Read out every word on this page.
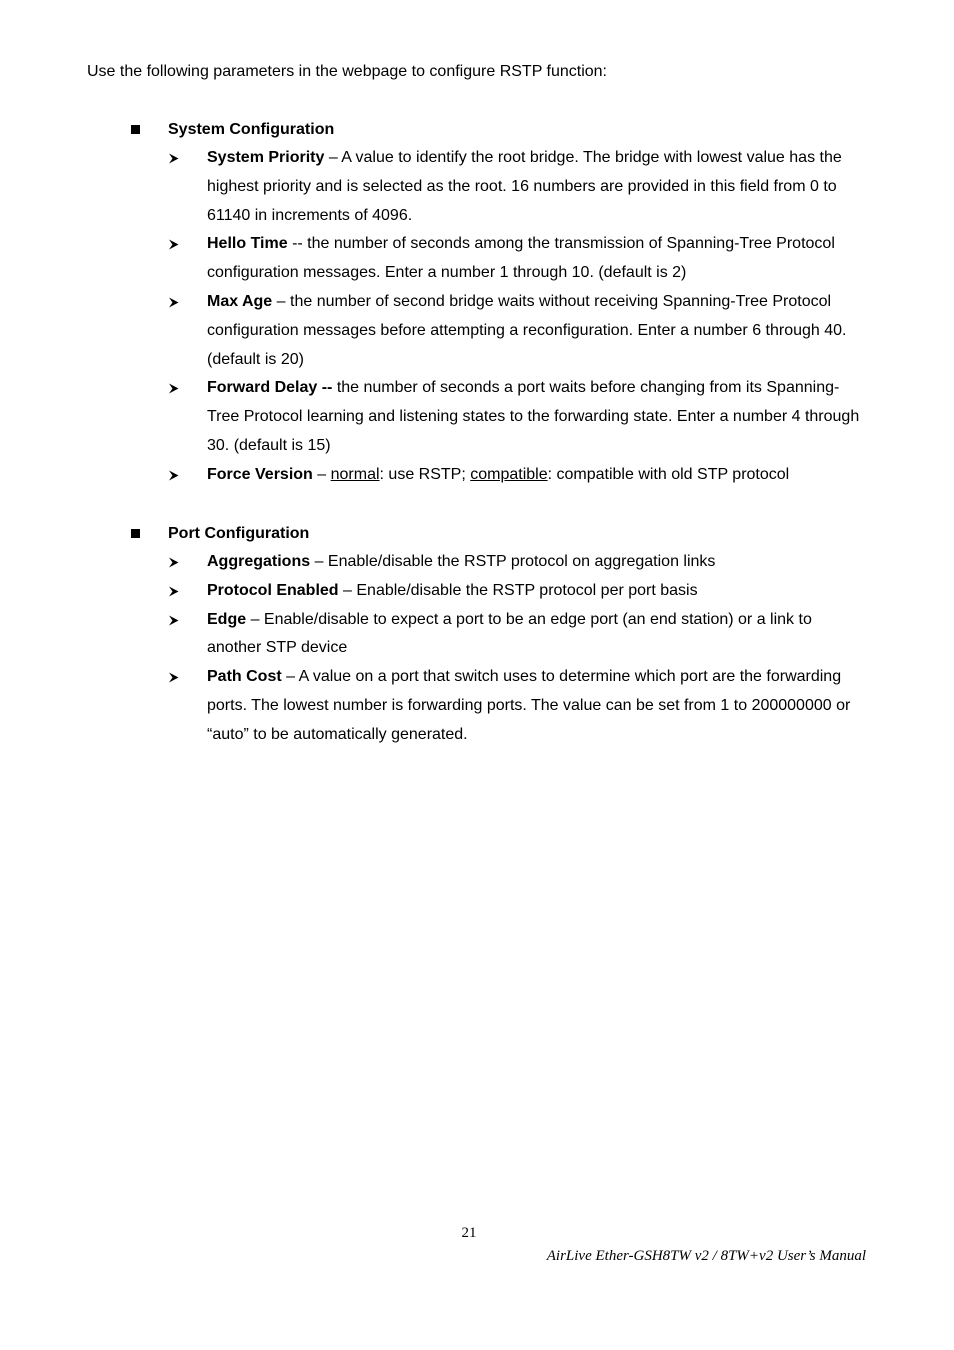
Use the following parameters in the webpage to configure RSTP function:
System Configuration
System Priority – A value to identify the root bridge. The bridge with lowest value has the highest priority and is selected as the root. 16 numbers are provided in this field from 0 to 61140 in increments of 4096.
Hello Time -- the number of seconds among the transmission of Spanning-Tree Protocol configuration messages. Enter a number 1 through 10. (default is 2)
Max Age – the number of second bridge waits without receiving Spanning-Tree Protocol configuration messages before attempting a reconfiguration. Enter a number 6 through 40. (default is 20)
Forward Delay -- the number of seconds a port waits before changing from its Spanning-Tree Protocol learning and listening states to the forwarding state. Enter a number 4 through 30. (default is 15)
Force Version – normal: use RSTP; compatible: compatible with old STP protocol
Port Configuration
Aggregations – Enable/disable the RSTP protocol on aggregation links
Protocol Enabled – Enable/disable the RSTP protocol per port basis
Edge – Enable/disable to expect a port to be an edge port (an end station) or a link to another STP device
Path Cost – A value on a port that switch uses to determine which port are the forwarding ports. The lowest number is forwarding ports. The value can be set from 1 to 200000000 or “auto” to be automatically generated.
21
AirLive Ether-GSH8TW v2 / 8TW+v2 User’s Manual
